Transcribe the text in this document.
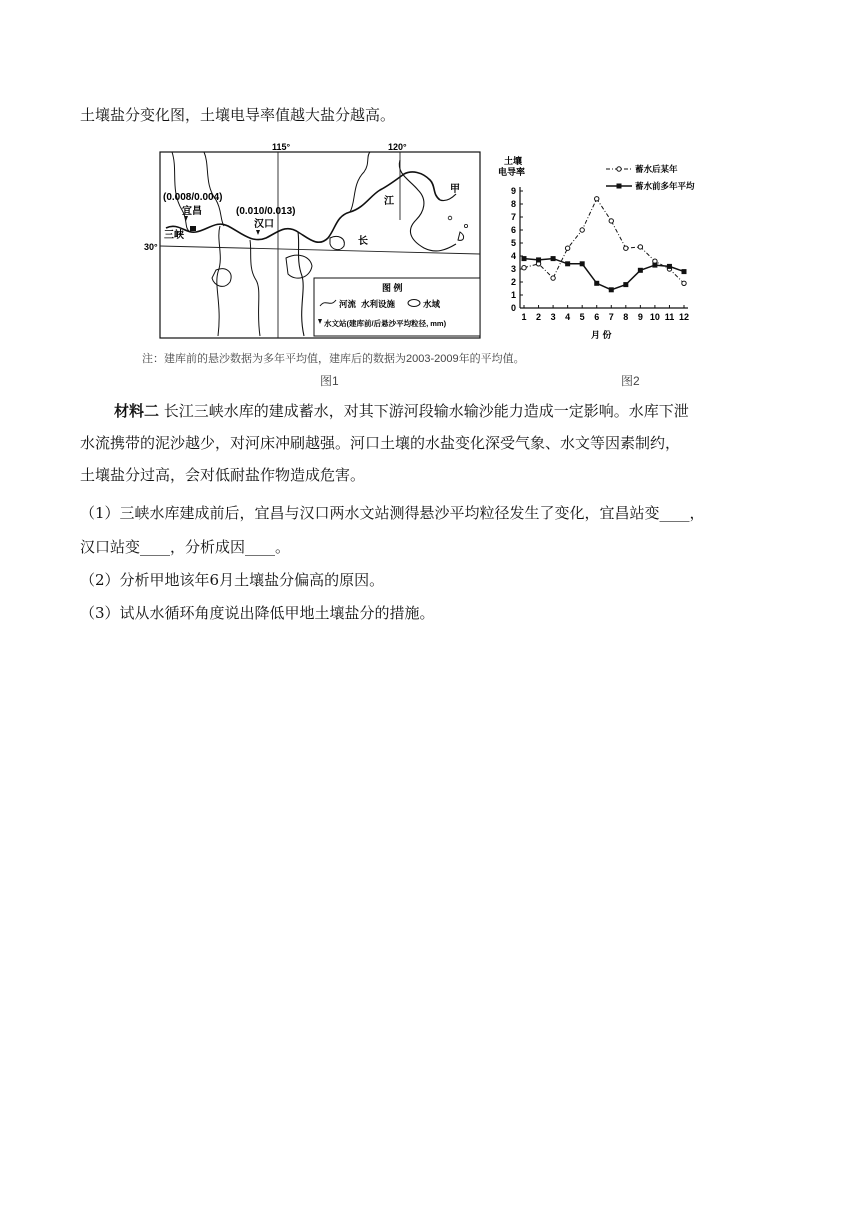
土壤盐分变化图，土壤电导率值越大盐分越高。
115°	120°
30°
(0.008/0.004)
宜昌
三峡
(0.010/0.013)
汉口
甲
江
长
图 例
河流 水利设施	水域
水文站(建库前/后悬沙平均粒径, mm)
土壤
电导率
0
1
2
3
4
5
6
7
8
9
1 2 3 4 5 6 7 8 9 10 11 12
蓄水后某年
蓄水前多年平均
月 份
注：建库前的悬沙数据为多年平均值，建库后的数据为2003-2009年的平均值。
图1	图2
材料二 长江三峡水库的建成蓄水，对其下游河段输水输沙能力造成一定影响。水库下泄
水流携带的泥沙越少，对河床冲刷越强。河口土壤的水盐变化深受气象、水文等因素制约，
土壤盐分过高，会对低耐盐作物造成危害。
（1）三峡水库建成前后，宜昌与汉口两水文站测得悬沙平均粒径发生了变化，宜昌站变____，
汉口站变____，分析成因____。
（2）分析甲地该年6月土壤盐分偏高的原因。
（3）试从水循环角度说出降低甲地土壤盐分的措施。
